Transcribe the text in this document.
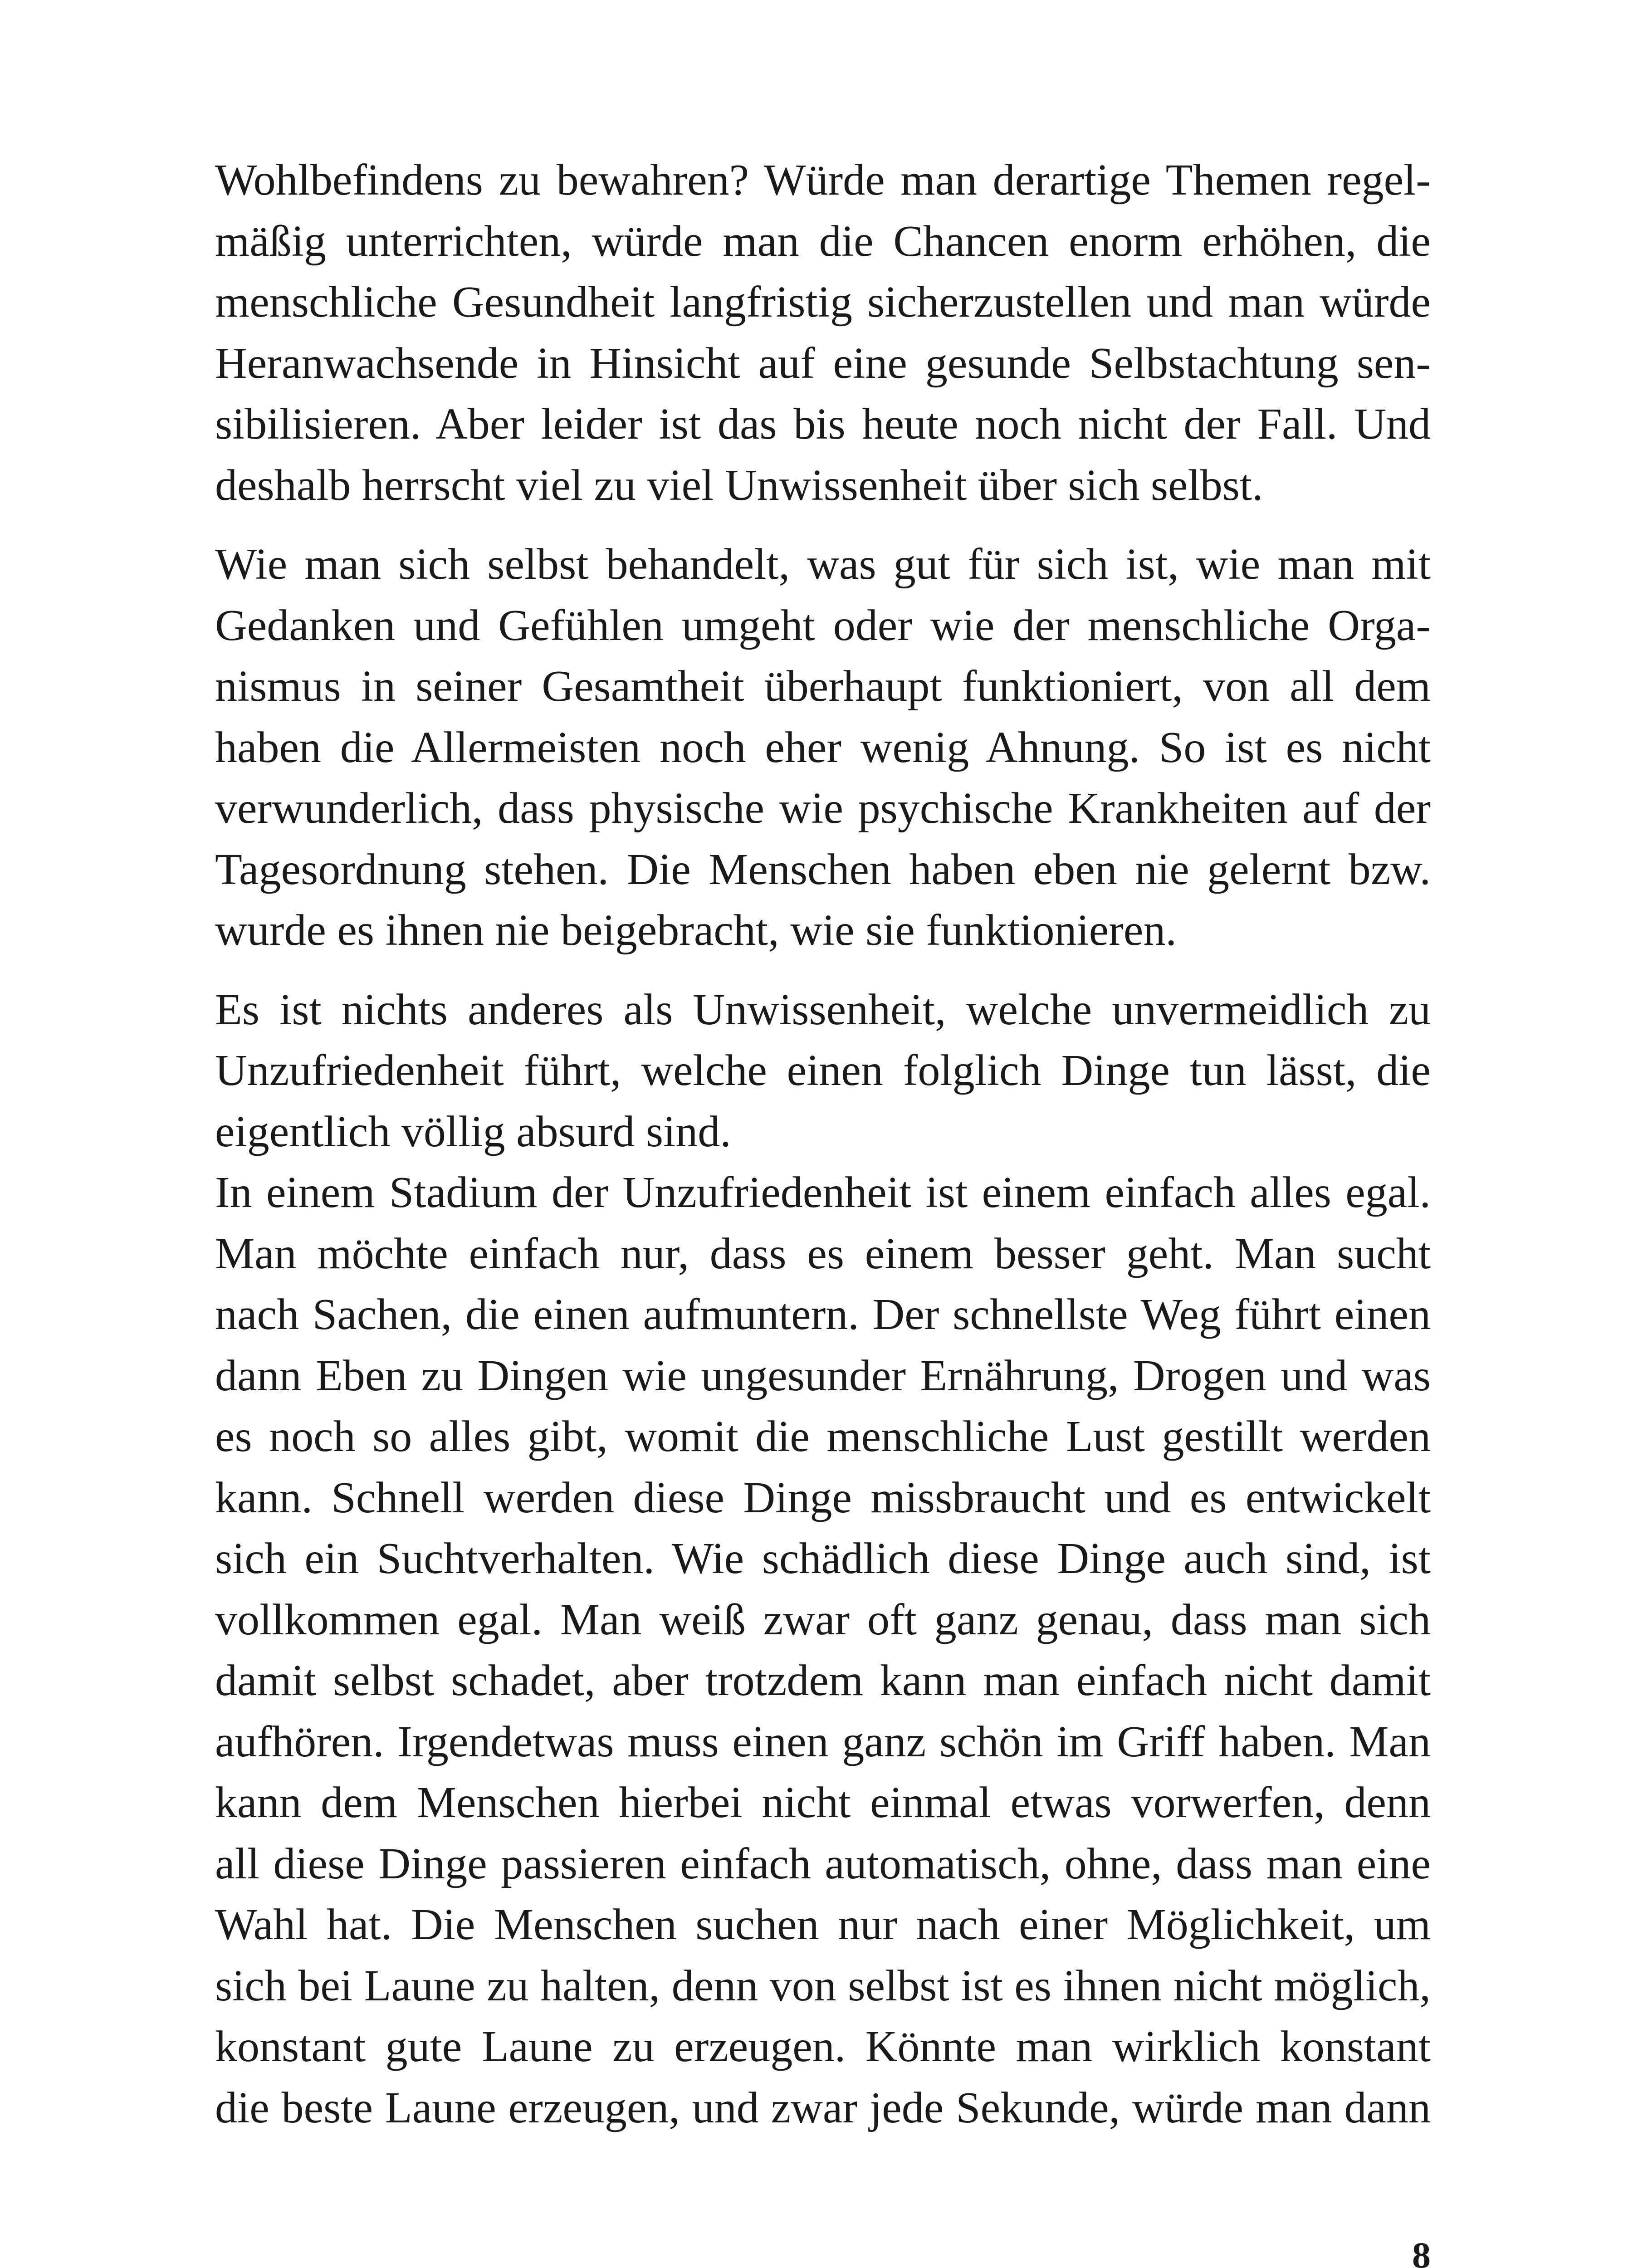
Wohlbefindens zu bewahren? Würde man derartige Themen regel-
mäßig unterrichten, würde man die Chancen enorm erhöhen, die
menschliche Gesundheit langfristig sicherzustellen und man würde
Heranwachsende in Hinsicht auf eine gesunde Selbstachtung sen-
sibilisieren. Aber leider ist das bis heute noch nicht der Fall. Und
deshalb herrscht viel zu viel Unwissenheit über sich selbst.

Wie man sich selbst behandelt, was gut für sich ist, wie man mit
Gedanken und Gefühlen umgeht oder wie der menschliche Orga-
nismus in seiner Gesamtheit überhaupt funktioniert, von all dem
haben die Allermeisten noch eher wenig Ahnung. So ist es nicht
verwunderlich, dass physische wie psychische Krankheiten auf der
Tagesordnung stehen. Die Menschen haben eben nie gelernt bzw.
wurde es ihnen nie beigebracht, wie sie funktionieren.

Es ist nichts anderes als Unwissenheit, welche unvermeidlich zu
Unzufriedenheit führt, welche einen folglich Dinge tun lässt, die
eigentlich völlig absurd sind.

In einem Stadium der Unzufriedenheit ist einem einfach alles egal.
Man möchte einfach nur, dass es einem besser geht. Man sucht
nach Sachen, die einen aufmuntern. Der schnellste Weg führt einen
dann Eben zu Dingen wie ungesunder Ernährung, Drogen und was
es noch so alles gibt, womit die menschliche Lust gestillt werden
kann. Schnell werden diese Dinge missbraucht und es entwickelt
sich ein Suchtverhalten. Wie schädlich diese Dinge auch sind, ist
vollkommen egal. Man weiß zwar oft ganz genau, dass man sich
damit selbst schadet, aber trotzdem kann man einfach nicht damit
aufhören. Irgendetwas muss einen ganz schön im Griff haben. Man
kann dem Menschen hierbei nicht einmal etwas vorwerfen, denn
all diese Dinge passieren einfach automatisch, ohne, dass man eine
Wahl hat. Die Menschen suchen nur nach einer Möglichkeit, um
sich bei Laune zu halten, denn von selbst ist es ihnen nicht möglich,
konstant gute Laune zu erzeugen. Könnte man wirklich konstant
die beste Laune erzeugen, und zwar jede Sekunde, würde man dann

8
